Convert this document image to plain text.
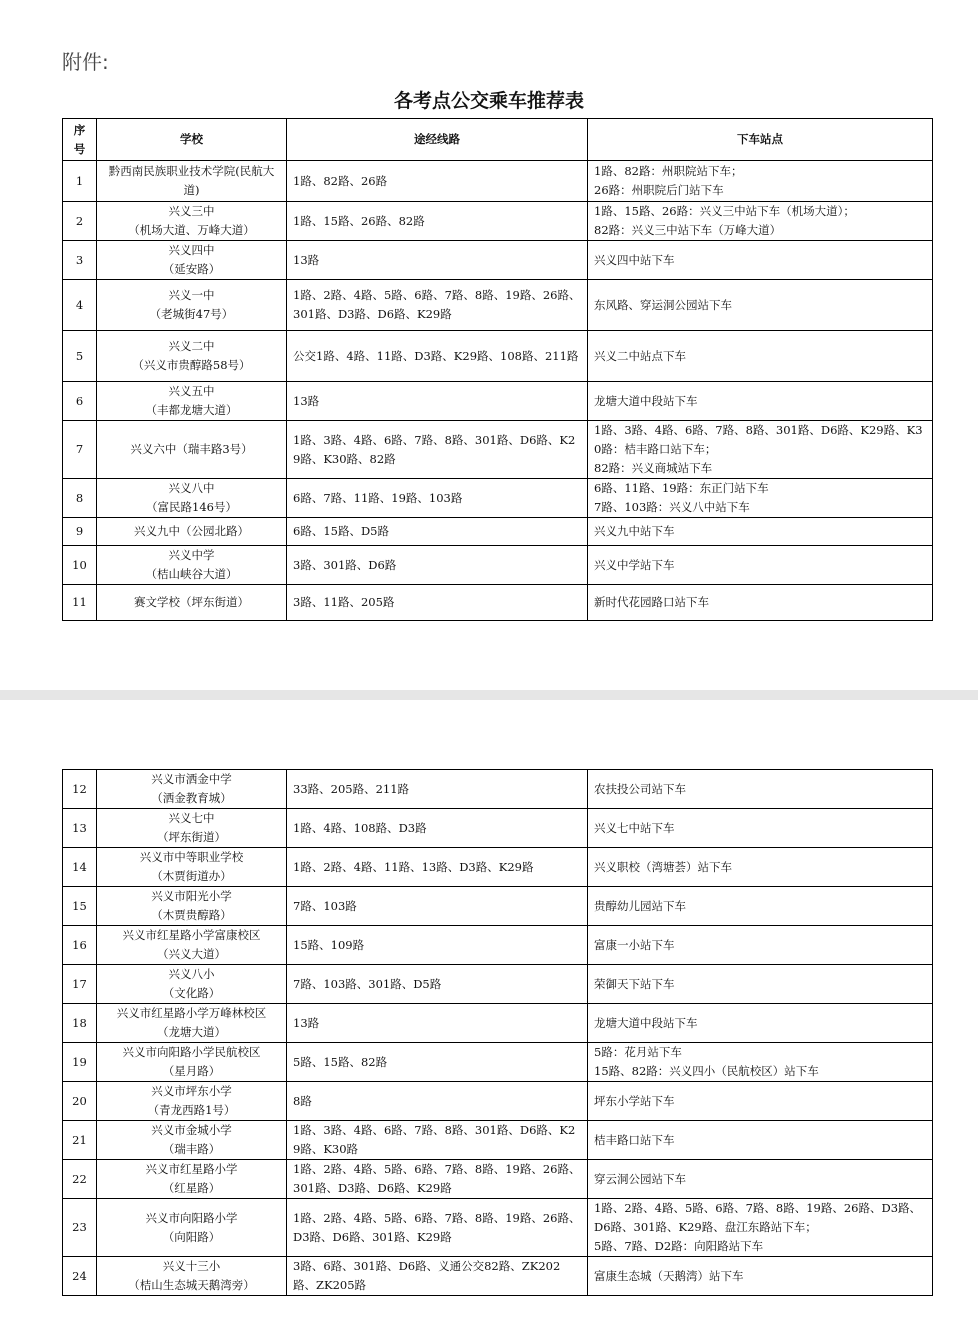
附件:
各考点公交乘车推荐表
序号	学校	途经线路	下车站点
1	黔西南民族职业技术学院(民航大道)	1路、82路、26路	1路、82路：州职院站下车；
26路：州职院后门站下车

2	兴义三中
（机场大道、万峰大道）	1路、15路、26路、82路	1路、15路、26路：兴义三中站下车（机场大道）；
82路：兴义三中站下车（万峰大道）

3	兴义四中
（延安路）	13路	兴义四中站下车

4	兴义一中
（老城街47号）	1路、2路、4路、5路、6路、7路、8路、19路、26路、301路、D3路、D6路、K29路	东风路、穿运洞公园站下车

5	兴义二中
（兴义市贵醇路58号）	公交1路、4路、11路、D3路、K29路、108路、211路	兴义二中站点下车

6	兴义五中
（丰都龙塘大道）	13路	龙塘大道中段站下车

7	兴义六中（瑞丰路3号）	1路、3路、4路、6路、7路、8路、301路、D6路、K29路、K30路、82路	1路、3路、4路、6路、7路、8路、301路、D6路、K29路、K30路：桔丰路口站下车；
82路：兴义商城站下车

8	兴义八中
（富民路146号）	6路、7路、11路、19路、103路	6路、11路、19路：东正门站下车
7路、103路：兴义八中站下车

9	兴义九中（公园北路）	6路、15路、D5路	兴义九中站下车

10	兴义中学
（桔山峡谷大道）	3路、301路、D6路	兴义中学站下车

11	赛文学校（坪东街道）	3路、11路、205路	新时代花园路口站下车
12	兴义市洒金中学
（洒金教育城）	33路、205路、211路	农扶投公司站下车

13	兴义七中
（坪东街道）	1路、4路、108路、D3路	兴义七中站下车

14	兴义市中等职业学校
（木贾街道办）	1路、2路、4路、11路、13路、D3路、K29路	兴义职校（湾塘荟）站下车

15	兴义市阳光小学
（木贾贵醇路）	7路、103路	贵醇幼儿园站下车

16	兴义市红星路小学富康校区
（兴义大道）	15路、109路	富康一小站下车

17	兴义八小
（文化路）	7路、103路、301路、D5路	荣御天下站下车

18	兴义市红星路小学万峰林校区
（龙塘大道）	13路	龙塘大道中段站下车

19	兴义市向阳路小学民航校区
（星月路）	5路、15路、82路	5路：花月站下车
15路、82路：兴义四小（民航校区）站下车

20	兴义市坪东小学
（青龙西路1号）	8路	坪东小学站下车

21	兴义市金城小学
（瑞丰路）	1路、3路、4路、6路、7路、8路、301路、D6路、K29路、K30路	桔丰路口站下车

22	兴义市红星路小学
（红星路）	1路、2路、4路、5路、6路、7路、8路、19路、26路、301路、D3路、D6路、K29路	穿云洞公园站下车

23	兴义市向阳路小学
（向阳路）	1路、2路、4路、5路、6路、7路、8路、19路、26路、D3路、D6路、301路、K29路	1路、2路、4路、5路、6路、7路、8路、19路、26路、D3路、D6路、301路、K29路、盘江东路站下车；
5路、7路、D2路：向阳路站下车

24	兴义十三小
（桔山生态城天鹅湾旁）	3路、6路、301路、D6路、义通公交82路、ZK202路、ZK205路	富康生态城（天鹅湾）站下车
